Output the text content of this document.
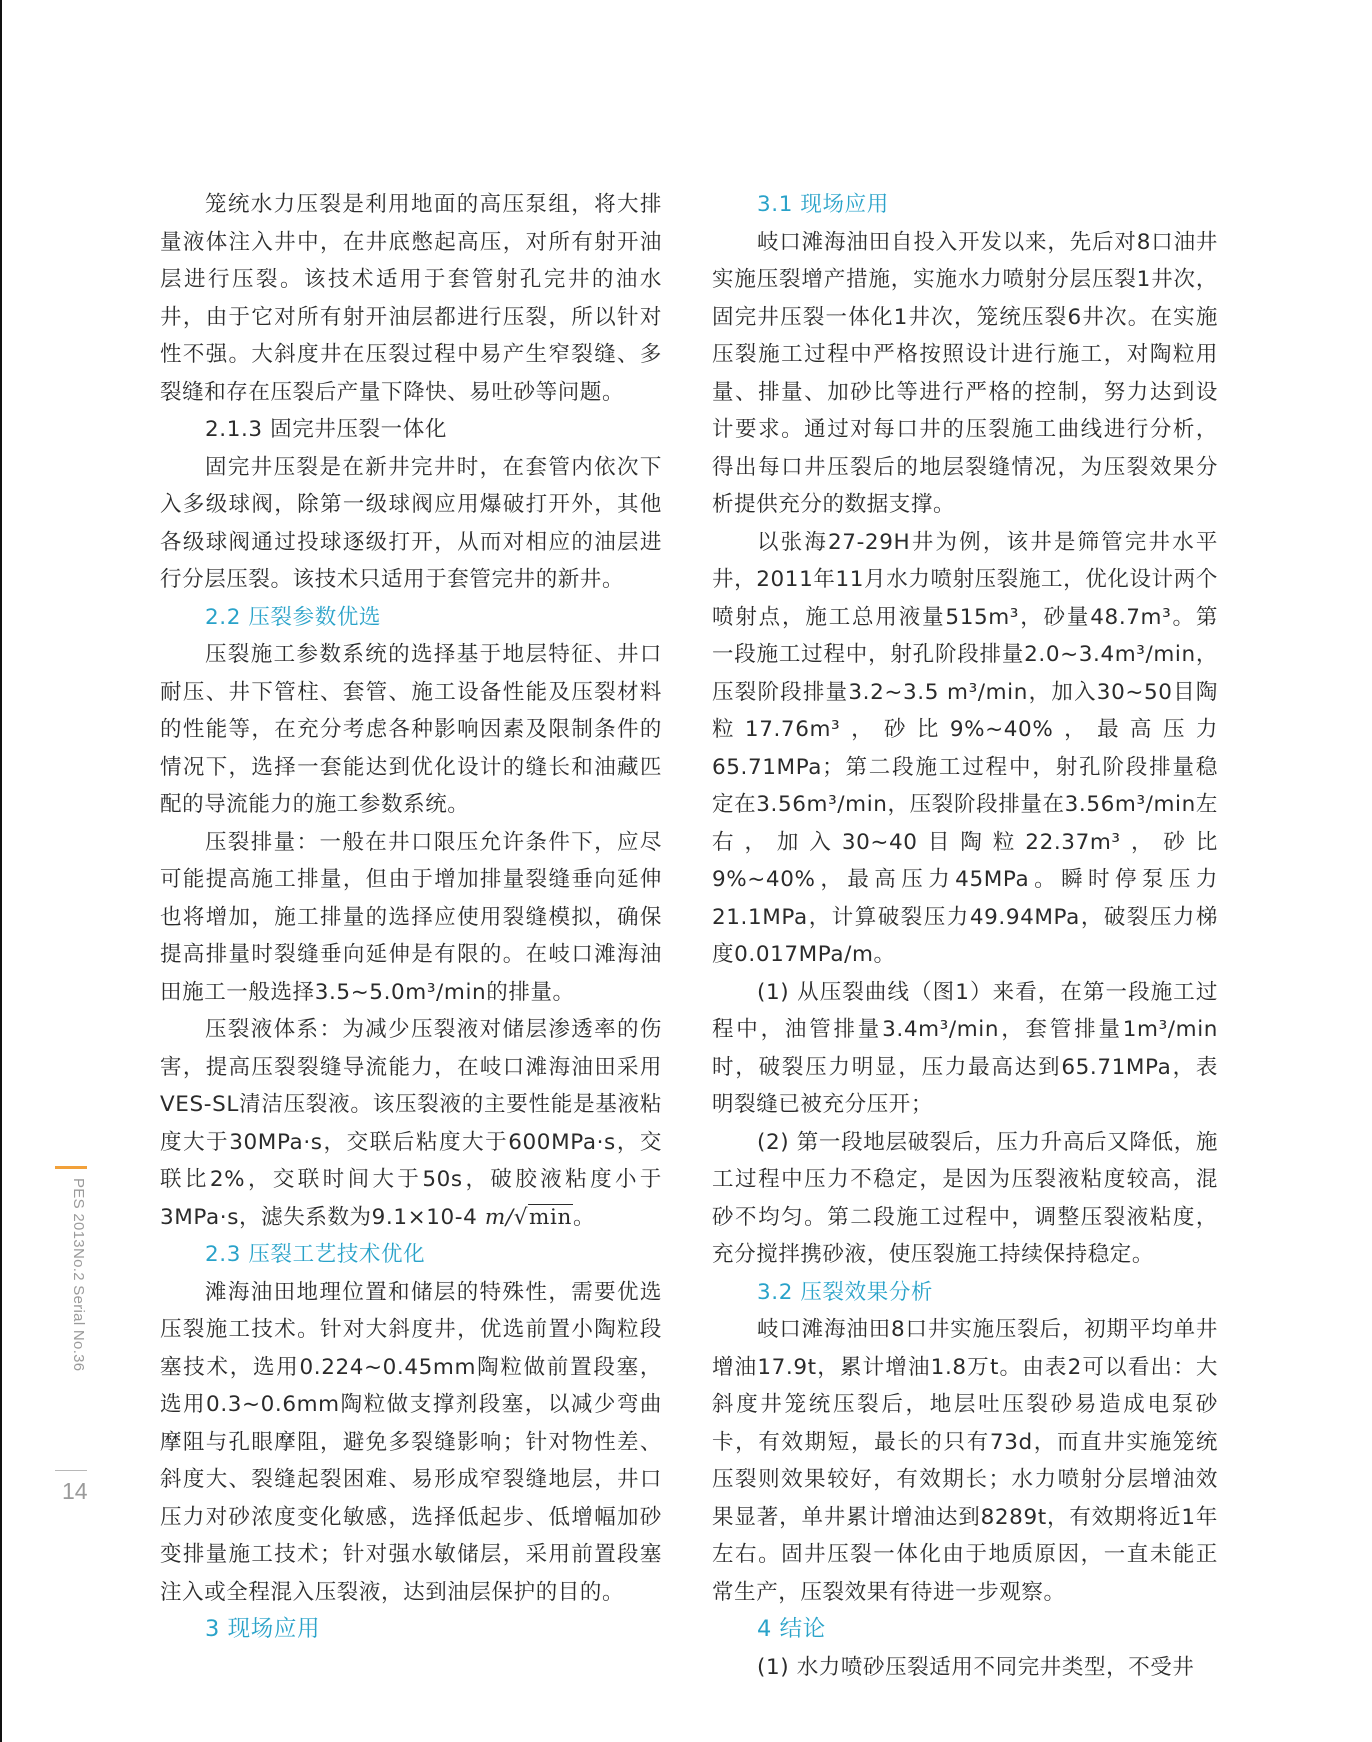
笼统水力压裂是利用地面的高压泵组，将大排量液体注入井中，在井底憋起高压，对所有射开油层进行压裂。该技术适用于套管射孔完井的油水井，由于它对所有射开油层都进行压裂，所以针对性不强。大斜度井在压裂过程中易产生窄裂缝、多裂缝和存在压裂后产量下降快、易吐砂等问题。

2.1.3 固完井压裂一体化

固完井压裂是在新井完井时，在套管内依次下入多级球阀，除第一级球阀应用爆破打开外，其他各级球阀通过投球逐级打开，从而对相应的油层进行分层压裂。该技术只适用于套管完井的新井。

2.2 压裂参数优选

压裂施工参数系统的选择基于地层特征、井口耐压、井下管柱、套管、施工设备性能及压裂材料的性能等，在充分考虑各种影响因素及限制条件的情况下，选择一套能达到优化设计的缝长和油藏匹配的导流能力的施工参数系统。

压裂排量：一般在井口限压允许条件下，应尽可能提高施工排量，但由于增加排量裂缝垂向延伸也将增加，施工排量的选择应使用裂缝模拟，确保提高排量时裂缝垂向延伸是有限的。在岐口滩海油田施工一般选择3.5~5.0m³/min的排量。

压裂液体系：为减少压裂液对储层渗透率的伤害，提高压裂裂缝导流能力，在岐口滩海油田采用VES-SL清洁压裂液。该压裂液的主要性能是基液粘度大于30MPa·s，交联后粘度大于600MPa·s，交联比2%，交联时间大于50s，破胶液粘度小于3MPa·s，滤失系数为9.1×10-4 m/√min。

2.3 压裂工艺技术优化

滩海油田地理位置和储层的特殊性，需要优选压裂施工技术。针对大斜度井，优选前置小陶粒段塞技术，选用0.224~0.45mm陶粒做前置段塞，选用0.3~0.6mm陶粒做支撑剂段塞，以减少弯曲摩阻与孔眼摩阻，避免多裂缝影响；针对物性差、斜度大、裂缝起裂困难、易形成窄裂缝地层，井口压力对砂浓度变化敏感，选择低起步、低增幅加砂变排量施工技术；针对强水敏储层，采用前置段塞注入或全程混入压裂液，达到油层保护的目的。

3 现场应用
3.1 现场应用

岐口滩海油田自投入开发以来，先后对8口油井实施压裂增产措施，实施水力喷射分层压裂1井次，固完井压裂一体化1井次，笼统压裂6井次。在实施压裂施工过程中严格按照设计进行施工，对陶粒用量、排量、加砂比等进行严格的控制，努力达到设计要求。通过对每口井的压裂施工曲线进行分析，得出每口井压裂后的地层裂缝情况，为压裂效果分析提供充分的数据支撑。

以张海27-29H井为例，该井是筛管完井水平井，2011年11月水力喷射压裂施工，优化设计两个喷射点，施工总用液量515m³，砂量48.7m³。第一段施工过程中，射孔阶段排量2.0~3.4m³/min，压裂阶段排量3.2~3.5 m³/min，加入30~50目陶粒17.76m³，砂比9%~40%，最高压力65.71MPa；第二段施工过程中，射孔阶段排量稳定在3.56m³/min，压裂阶段排量在3.56m³/min左右，加入30~40目陶粒22.37m³，砂比9%~40%，最高压力45MPa。瞬时停泵压力21.1MPa，计算破裂压力49.94MPa，破裂压力梯度0.017MPa/m。

(1) 从压裂曲线（图1）来看，在第一段施工过程中，油管排量3.4m³/min，套管排量1m³/min时，破裂压力明显，压力最高达到65.71MPa，表明裂缝已被充分压开；

(2) 第一段地层破裂后，压力升高后又降低，施工过程中压力不稳定，是因为压裂液粘度较高，混砂不均匀。第二段施工过程中，调整压裂液粘度，充分搅拌携砂液，使压裂施工持续保持稳定。

3.2 压裂效果分析

岐口滩海油田8口井实施压裂后，初期平均单井增油17.9t，累计增油1.8万t。由表2可以看出：大斜度井笼统压裂后，地层吐压裂砂易造成电泵砂卡，有效期短，最长的只有73d，而直井实施笼统压裂则效果较好，有效期长；水力喷射分层增油效果显著，单井累计增油达到8289t，有效期将近1年左右。固井压裂一体化由于地质原因，一直未能正常生产，压裂效果有待进一步观察。

4 结论

(1) 水力喷砂压裂适用不同完井类型，不受井

PES 2013No.2 Serial No.36
14
